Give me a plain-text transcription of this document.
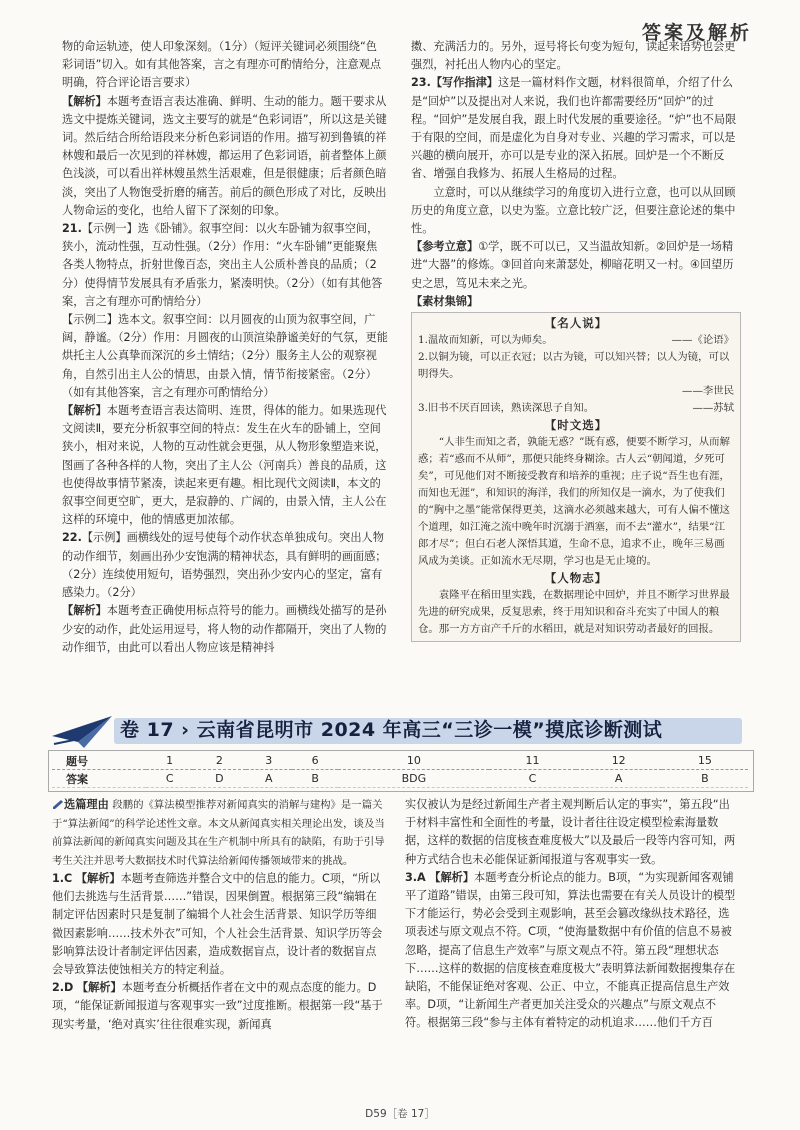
答案及解析

物的命运轨迹，使人印象深刻。（1分）（短评关键词必须围绕“色彩词语”切入。如有其他答案，言之有理亦可酌情给分，注意观点明确，符合评论语言要求）

【解析】本题考查语言表达准确、鲜明、生动的能力。题干要求从选文中提炼关键词，选文主要写的就是“色彩词语”，所以这是关键词。然后结合所给语段来分析色彩词语的作用。描写初到鲁镇的祥林嫂和最后一次见到的祥林嫂，都运用了色彩词语，前者整体上颜色浅淡，可以看出祥林嫂虽然生活艰难，但是很健康；后者颜色暗淡，突出了人物饱受折磨的痛苦。前后的颜色形成了对比，反映出人物命运的变化，也给人留下了深刻的印象。

21.【示例一】选《卧铺》。叙事空间：以火车卧铺为叙事空间，狭小，流动性强，互动性强。（2分）作用：“火车卧铺”更能聚焦各类人物特点，折射世像百态，突出主人公质朴善良的品质；（2分）使得情节发展具有矛盾张力，紧凑明快。（2分）（如有其他答案，言之有理亦可酌情给分）

【示例二】选本文。叙事空间：以月圆夜的山顶为叙事空间，广阔，静谧。（2分）作用：月圆夜的山顶渲染静谧美好的气氛，更能烘托主人公真挚而深沉的乡土情结；（2分）服务主人公的观察视角，自然引出主人公的情思，由景入情，情节衔接紧密。（2分）（如有其他答案，言之有理亦可酌情给分）

【解析】本题考查语言表达简明、连贯，得体的能力。如果选现代文阅读Ⅱ，要充分析叙事空间的特点：发生在火车的卧铺上，空间狭小，相对来说，人物的互动性就会更强，从人物形象塑造来说，图画了各种各样的人物，突出了主人公（河南兵）善良的品质，这也使得故事情节紧凑，读起来更有趣。相比现代文阅读Ⅱ，本文的叙事空间更空旷，更大，是寂静的、广阔的，由景入情，主人公在这样的环境中，他的情感更加浓郁。

22.【示例】画横线处的逗号使每个动作状态单独成句。突出人物的动作细节，刻画出孙少安饱满的精神状态，具有鲜明的画面感；（2分）连续使用短句，语势强烈，突出孙少安内心的坚定，富有感染力。（2分）

【解析】本题考查正确使用标点符号的能力。画横线处描写的是孙少安的动作，此处运用逗号，将人物的动作都隔开，突出了人物的动作细节，由此可以看出人物应该是精神抖

擞、充满活力的。另外，逗号将长句变为短句，读起来语势也会更强烈，衬托出人物内心的坚定。

23.【写作指津】这是一篇材料作文题，材料很简单，介绍了什么是“回炉”以及提出对人来说，我们也许都需要经历“回炉”的过程。“回炉”是发展自我，跟上时代发展的重要途径。“炉”也不局限于有限的空间，而是虚化为自身对专业、兴趣的学习需求，可以是兴趣的横向展开，亦可以是专业的深入拓展。回炉是一个不断反省、增强自我修为、拓展人生格局的过程。

立意时，可以从继续学习的角度切入进行立意，也可以从回顾历史的角度立意，以史为鉴。立意比较广泛，但要注意论述的集中性。

【参考立意】①学，既不可以已，又当温故知新。②回炉是一场精进“大器”的修炼。③回首向来萧瑟处，柳暗花明又一村。④回望历史之思，笃见未来之光。

【素材集锦】

【名人说】
1.温故而知新，可以为师矣。	——《论语》
2.以铜为镜，可以正衣冠；以古为镜，可以知兴替；以人为镜，可以明得失。
——李世民
3.旧书不厌百回读，熟读深思子自知。	——苏轼
【时文选】
“人非生而知之者，孰能无惑？”既有惑，便要不断学习，从而解惑；若“惑而不从师”，那便只能终身糊涂。古人云“朝闻道，夕死可矣”，可见他们对不断接受教育和培养的重视；庄子说“吾生也有涯，而知也无涯”，和知识的海洋，我们的所知仅是一滴水，为了使我们的“胸中之墨”能常保得更美，这滴水必须越来越大，可有人偏不懂这个道理，如江淹之流中晚年时沉溺于酒塞，而不去“灌水”，结果“江郎才尽”；但白石老人深悟其道，生命不息，追求不止，晚年三易画风成为美谈。正如流水无尽期，学习也是无止境的。
【人物志】
袁隆平在稻田里实践，在数据理论中回炉，并且不断学习世界最先进的研究成果，反复思索，终于用知识和奋斗充实了中国人的粮仓。那一方方亩产千斤的水稻田，就是对知识劳动者最好的回报。
卷 17 › 云南省昆明市 2024 年高三“三诊一模”摸底诊断测试
题号	1	2	3	6	10	11	12	15
答案	C	D	A	B	BDG	C	A	B

选篇理由 段鹏的《算法模型推荐对新闻真实的消解与建构》是一篇关于“算法新闻”的科学论述性文章。本文从新闻真实相关理论出发，谈及当前算法新闻的新闻真实问题及其在生产机制中所具有的缺陷，有助于引导考生关注并思考大数据技术时代算法给新闻传播领域带来的挑战。

1.C 【解析】本题考查筛选并整合文中的信息的能力。C项，“所以他们去挑选与生活背景……”错误，因果倒置。根据第三段“编辑在制定评估因素时只是复制了编辑个人社会生活背景、知识学历等细微因素影响……技术外衣”可知，个人社会生活背景、知识学历等会影响算法设计者制定评估因素，造成数据盲点，设计者的数据盲点会导致算法使蚀相关方的特定利益。

2.D 【解析】本题考查分析概括作者在文中的观点态度的能力。D项，“能保证新闻报道与客观事实一致”过度推断。根据第一段“基于现实考量，‘绝对真实’往往很难实现，新闻真

实仅被认为是经过新闻生产者主观判断后认定的事实”，第五段“出于材料丰富性和全面性的考量，设计者往往设定模型检索海量数据，这样的数据的信度核查难度极大”以及最后一段等内容可知，两种方式结合也未必能保证新闻报道与客观事实一致。

3.A 【解析】本题考查分析论点的能力。B项，“为实现新闻客观铺平了道路”错误，由第三段可知，算法也需要在有关人员设计的模型下才能运行，势必会受到主观影响，甚至会篡改缘纵技术路径，选项表述与原文观点不符。C项，“使海量数据中有价值的信息不易被忽略，提高了信息生产效率”与原文观点不符。第五段“理想状态下……这样的数据的信度核查难度极大”表明算法新闻数据搜集存在缺陷，不能保证绝对客观、公正、中立，不能真正提高信息生产效率。D项，“让新闻生产者更加关注受众的兴趣点”与原文观点不符。根据第三段“参与主体有着特定的动机追求……他们千方百

D59［卷 17］
